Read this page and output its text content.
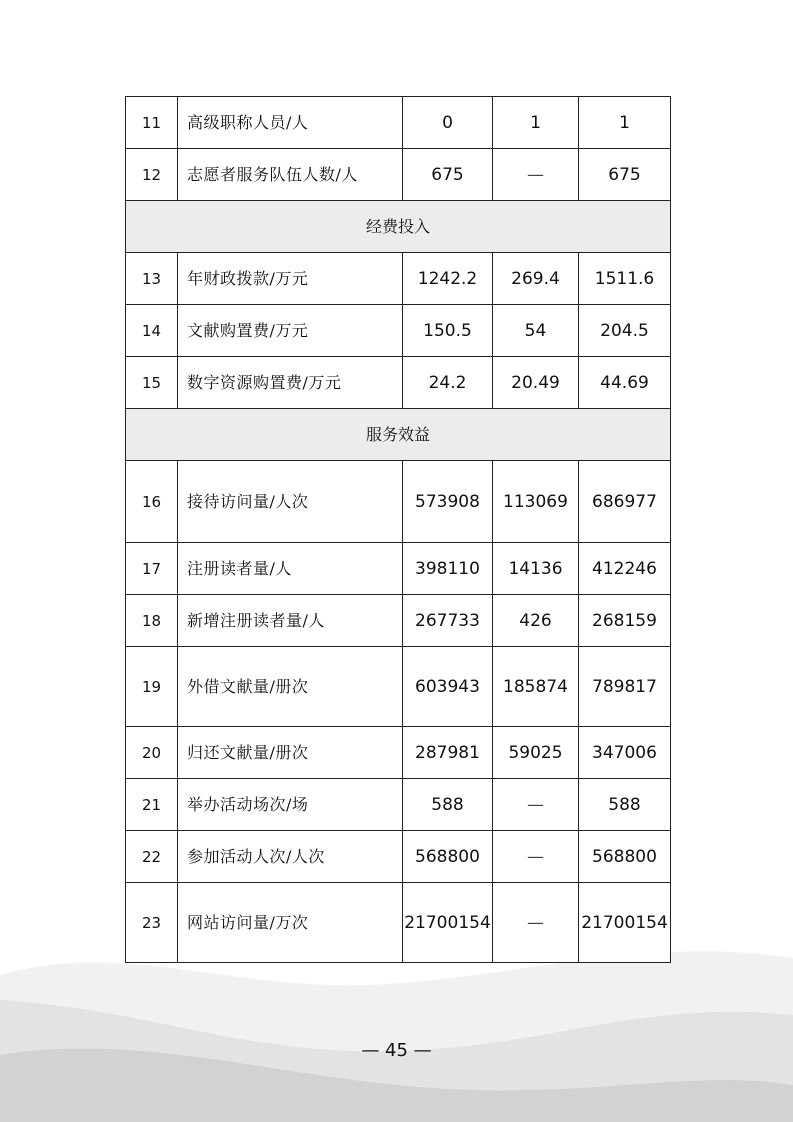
11	高级职称人员/人	0	1	1
12	志愿者服务队伍人数/人	675	—	675
经费投入				
13	年财政拨款/万元	1242.2	269.4	1511.6
14	文献购置费/万元	150.5	54	204.5
15	数字资源购置费/万元	24.2	20.49	44.69
服务效益				
16	接待访问量/人次	573908	113069	686977
17	注册读者量/人	398110	14136	412246
18	新增注册读者量/人	267733	426	268159
19	外借文献量/册次	603943	185874	789817
20	归还文献量/册次	287981	59025	347006
21	举办活动场次/场	588	—	588
22	参加活动人次/人次	568800	—	568800
23	网站访问量/万次	21700154	—	21700154
— 45 —
